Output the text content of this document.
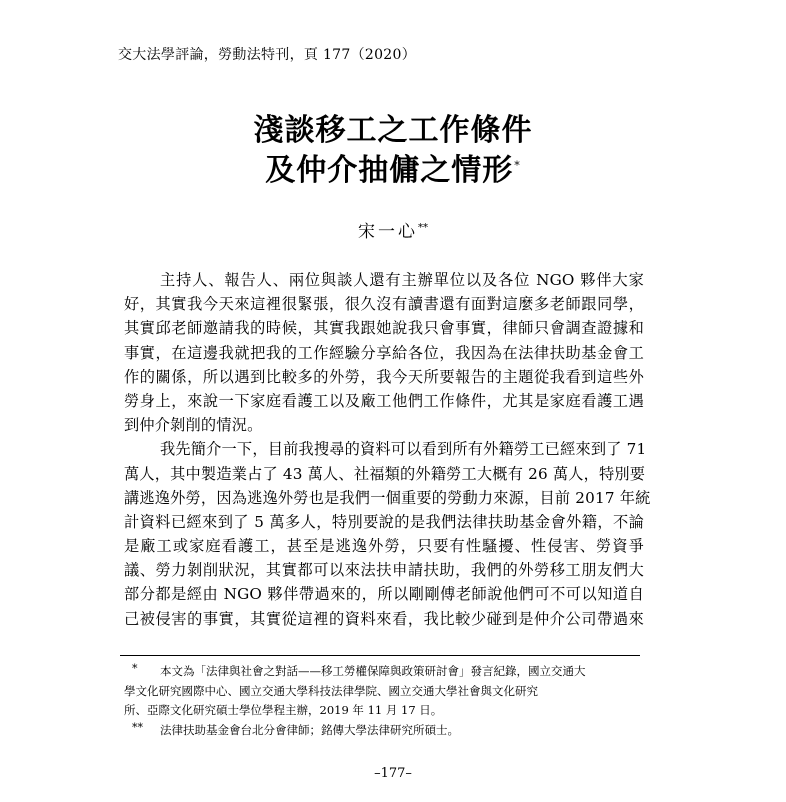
交大法學評論，勞動法特刊，頁 177（2020）
淺談移工之工作條件
及仲介抽傭之情形*
宋一心**
主持人、報告人、兩位與談人還有主辦單位以及各位 NGO 夥伴大家
好，其實我今天來這裡很緊張，很久沒有讀書還有面對這麼多老師跟同學，
其實邱老師邀請我的時候，其實我跟她說我只會事實，律師只會調查證據和
事實，在這邊我就把我的工作經驗分享給各位，我因為在法律扶助基金會工
作的關係，所以遇到比較多的外勞，我今天所要報告的主題從我看到這些外
勞身上，來說一下家庭看護工以及廠工他們工作條件，尤其是家庭看護工遇
到仲介剝削的情況。
我先簡介一下，目前我搜尋的資料可以看到所有外籍勞工已經來到了 71
萬人，其中製造業占了 43 萬人、社福類的外籍勞工大概有 26 萬人，特別要
講逃逸外勞，因為逃逸外勞也是我們一個重要的勞動力來源，目前 2017 年統
計資料已經來到了 5 萬多人，特別要說的是我們法律扶助基金會外籍，不論
是廠工或家庭看護工，甚至是逃逸外勞，只要有性騷擾、性侵害、勞資爭
議、勞力剝削狀況，其實都可以來法扶申請扶助，我們的外勞移工朋友們大
部分都是經由 NGO 夥伴帶過來的，所以剛剛傅老師說他們可不可以知道自
己被侵害的事實，其實從這裡的資料來看，我比較少碰到是仲介公司帶過來
* 本文為「法律與社會之對話——移工勞權保障與政策研討會」發言紀錄，國立交通大
學文化研究國際中心、國立交通大學科技法律學院、國立交通大學社會與文化研究
所、亞際文化研究碩士學位學程主辦，2019 年 11 月 17 日。
** 法律扶助基金會台北分會律師；銘傳大學法律研究所碩士。
–177–
